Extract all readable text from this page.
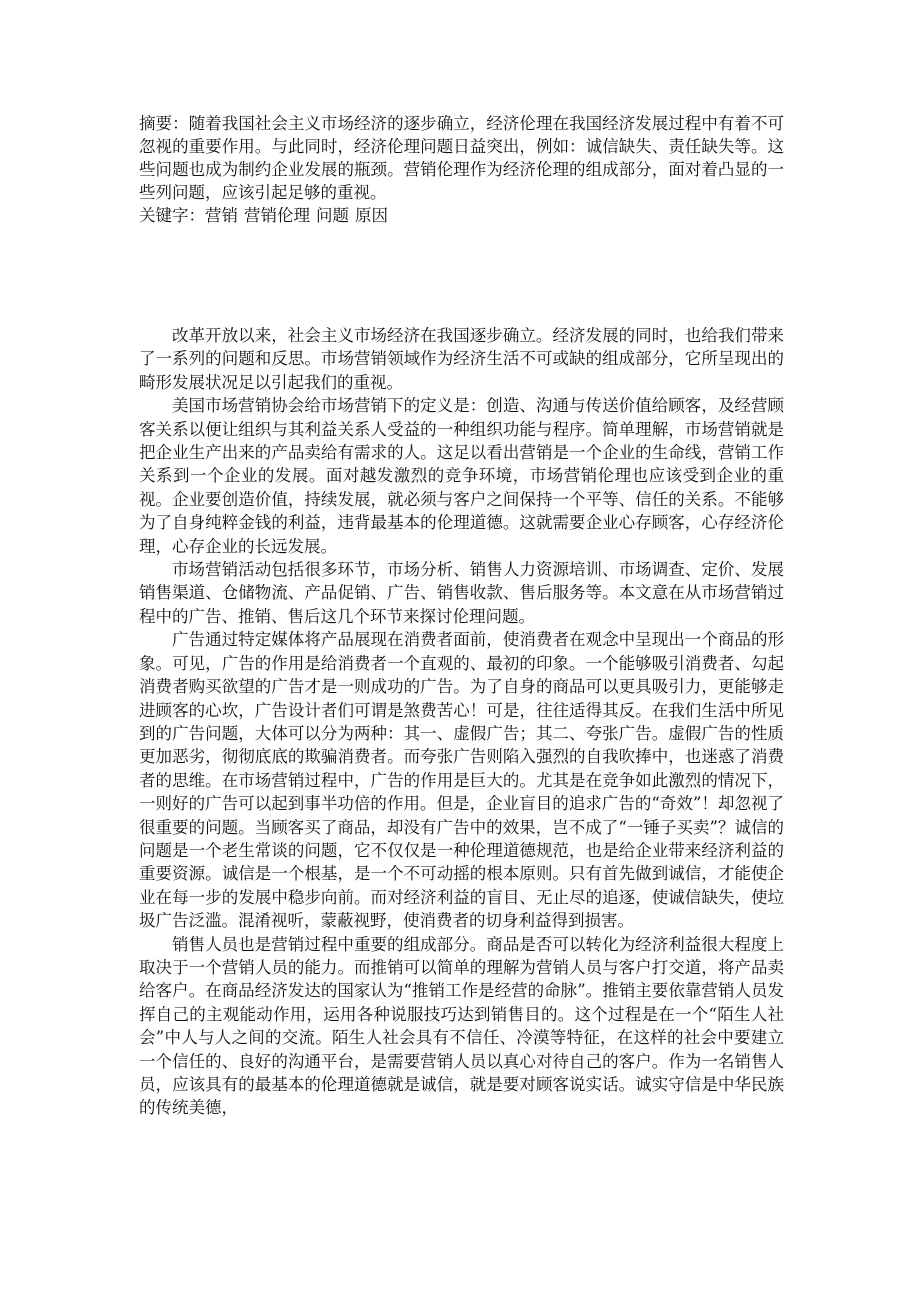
摘要：随着我国社会主义市场经济的逐步确立，经济伦理在我国经济发展过程中有着不可忽视的重要作用。与此同时，经济伦理问题日益突出，例如：诚信缺失、责任缺失等。这些问题也成为制约企业发展的瓶颈。营销伦理作为经济伦理的组成部分，面对着凸显的一些列问题，应该引起足够的重视。

关键字：营销 营销伦理 问题 原因

改革开放以来，社会主义市场经济在我国逐步确立。经济发展的同时，也给我们带来了一系列的问题和反思。市场营销领域作为经济生活不可或缺的组成部分，它所呈现出的畸形发展状况足以引起我们的重视。

美国市场营销协会给市场营销下的定义是：创造、沟通与传送价值给顾客，及经营顾客关系以便让组织与其利益关系人受益的一种组织功能与程序。简单理解，市场营销就是把企业生产出来的产品卖给有需求的人。这足以看出营销是一个企业的生命线，营销工作关系到一个企业的发展。面对越发激烈的竞争环境，市场营销伦理也应该受到企业的重视。企业要创造价值，持续发展，就必须与客户之间保持一个平等、信任的关系。不能够为了自身纯粹金钱的利益，违背最基本的伦理道德。这就需要企业心存顾客，心存经济伦理，心存企业的长远发展。

市场营销活动包括很多环节，市场分析、销售人力资源培训、市场调查、定价、发展销售渠道、仓储物流、产品促销、广告、销售收款、售后服务等。本文意在从市场营销过程中的广告、推销、售后这几个环节来探讨伦理问题。

广告通过特定媒体将产品展现在消费者面前，使消费者在观念中呈现出一个商品的形象。可见，广告的作用是给消费者一个直观的、最初的印象。一个能够吸引消费者、勾起消费者购买欲望的广告才是一则成功的广告。为了自身的商品可以更具吸引力，更能够走进顾客的心坎，广告设计者们可谓是煞费苦心！可是，往往适得其反。在我们生活中所见到的广告问题，大体可以分为两种：其一、虚假广告；其二、夸张广告。虚假广告的性质更加恶劣，彻彻底底的欺骗消费者。而夸张广告则陷入强烈的自我吹捧中，也迷惑了消费者的思维。在市场营销过程中，广告的作用是巨大的。尤其是在竞争如此激烈的情况下，一则好的广告可以起到事半功倍的作用。但是，企业盲目的追求广告的“奇效”！却忽视了很重要的问题。当顾客买了商品，却没有广告中的效果，岂不成了“一锤子买卖”？诚信的问题是一个老生常谈的问题，它不仅仅是一种伦理道德规范，也是给企业带来经济利益的重要资源。诚信是一个根基，是一个不可动摇的根本原则。只有首先做到诚信，才能使企业在每一步的发展中稳步向前。而对经济利益的盲目、无止尽的追逐，使诚信缺失，使垃圾广告泛滥。混淆视听，蒙蔽视野，使消费者的切身利益得到损害。

销售人员也是营销过程中重要的组成部分。商品是否可以转化为经济利益很大程度上取决于一个营销人员的能力。而推销可以简单的理解为营销人员与客户打交道，将产品卖给客户。在商品经济发达的国家认为“推销工作是经营的命脉”。推销主要依靠营销人员发挥自己的主观能动作用，运用各种说服技巧达到销售目的。这个过程是在一个“陌生人社会”中人与人之间的交流。陌生人社会具有不信任、冷漠等特征，在这样的社会中要建立一个信任的、良好的沟通平台，是需要营销人员以真心对待自己的客户。作为一名销售人员，应该具有的最基本的伦理道德就是诚信，就是要对顾客说实话。诚实守信是中华民族的传统美德，
